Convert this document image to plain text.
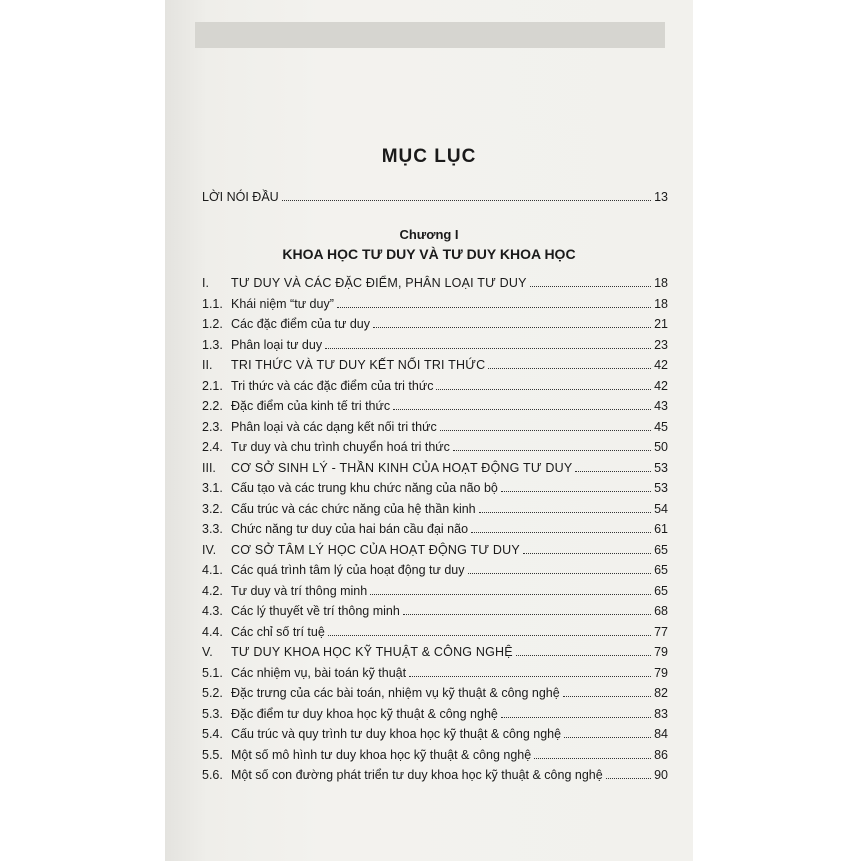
MỤC LỤC
LỜI NÓI ĐẦU	13
Chương I
KHOA HỌC TƯ DUY VÀ TƯ DUY KHOA HỌC
I.	TƯ DUY VÀ CÁC ĐẶC ĐIỂM, PHÂN LOẠI TƯ DUY	18
1.1. Khái niệm “tư duy”	18
1.2. Các đặc điểm của tư duy	21
1.3. Phân loại tư duy	23
II.	TRI THỨC VÀ TƯ DUY KẾT NỐI TRI THỨC	42
2.1. Tri thức và các đặc điểm của tri thức	42
2.2. Đặc điểm của kinh tế tri thức	43
2.3. Phân loại và các dạng kết nối tri thức	45
2.4. Tư duy và chu trình chuyển hoá tri thức	50
III.	CƠ SỞ SINH LÝ - THẦN KINH CỦA HOẠT ĐỘNG TƯ DUY	53
3.1. Cấu tạo và các trung khu chức năng của não bộ	53
3.2. Cấu trúc và các chức năng của hệ thần kinh	54
3.3. Chức năng tư duy của hai bán cầu đại não	61
IV.	CƠ SỞ TÂM LÝ HỌC CỦA HOẠT ĐỘNG TƯ DUY	65
4.1. Các quá trình tâm lý của hoạt động tư duy	65
4.2. Tư duy và trí thông minh	65
4.3. Các lý thuyết về trí thông minh	68
4.4. Các chỉ số trí tuệ	77
V.	TƯ DUY KHOA HỌC KỸ THUẬT & CÔNG NGHỆ	79
5.1. Các nhiệm vụ, bài toán kỹ thuật	79
5.2. Đặc trưng của các bài toán, nhiệm vụ kỹ thuật & công nghệ	82
5.3. Đặc điểm tư duy khoa học kỹ thuật & công nghệ	83
5.4. Cấu trúc và quy trình tư duy khoa học kỹ thuật & công nghệ	84
5.5. Một số mô hình tư duy khoa học kỹ thuật & công nghệ	86
5.6. Một số con đường phát triển tư duy khoa học kỹ thuật & công nghệ	90
